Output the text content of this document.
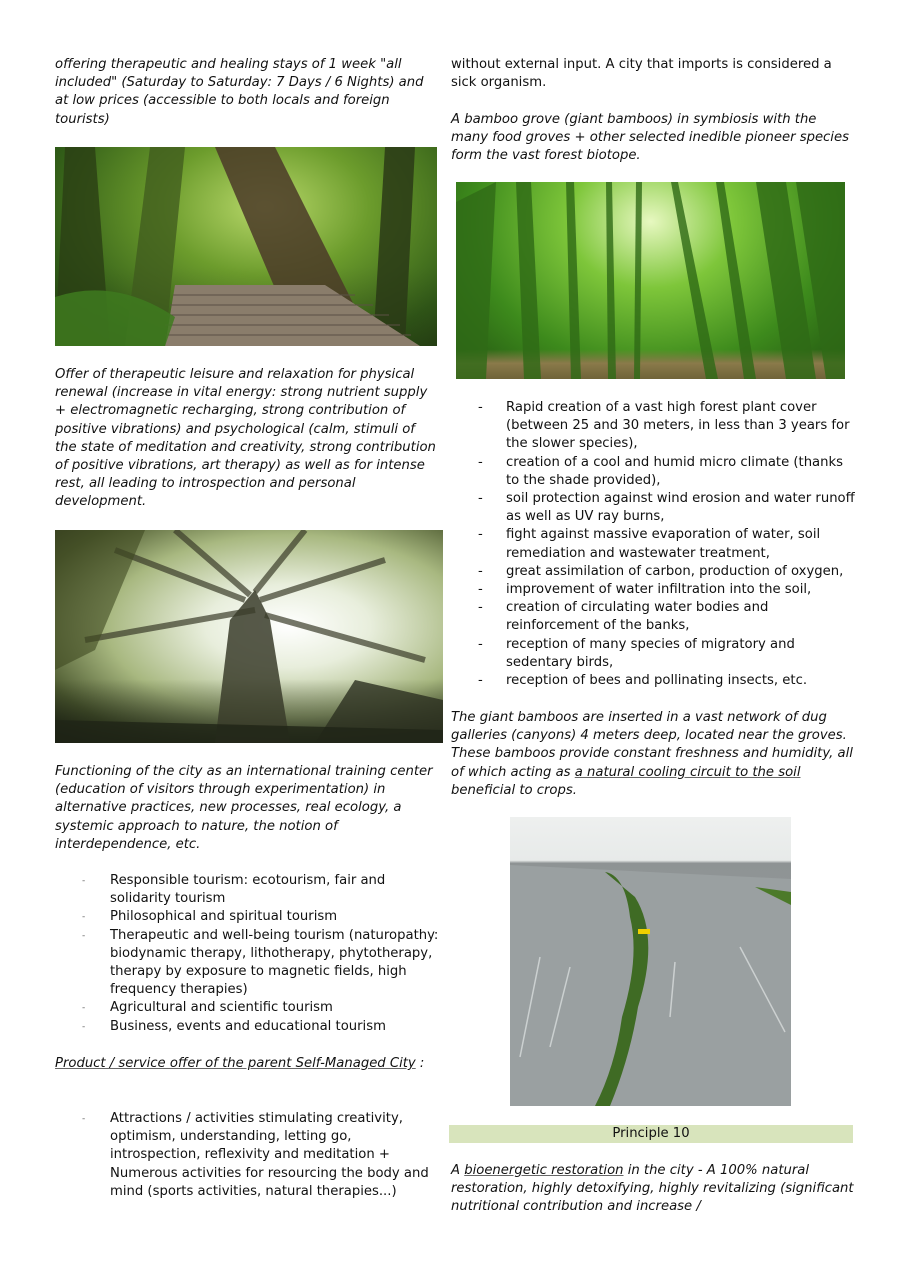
offering therapeutic and healing stays of 1 week "all included" (Saturday to Saturday: 7 Days / 6 Nights) and at low prices (accessible to both locals and foreign tourists)

Offer of therapeutic leisure and relaxation for physical renewal (increase in vital energy: strong nutrient supply + electromagnetic recharging, strong contribution of positive vibrations) and psychological (calm, stimuli of the state of meditation and creativity, strong contribution of positive vibrations, art therapy) as well as for intense rest, all leading to introspection and personal development.

Functioning of the city as an international training center (education of visitors through experimentation) in alternative practices, new processes, real ecology, a systemic approach to nature, the notion of interdependence, etc.

- Responsible tourism: ecotourism, fair and solidarity tourism
- Philosophical and spiritual tourism
- Therapeutic and well-being tourism (naturopathy: biodynamic therapy, lithotherapy, phytotherapy, therapy by exposure to magnetic fields, high frequency therapies)
- Agricultural and scientific tourism
- Business, events and educational tourism

Product / service offer of the parent Self-Managed City :

- Attractions / activities stimulating creativity, optimism, understanding, letting go, introspection, reflexivity and meditation + Numerous activities for resourcing the body and mind (sports activities, natural therapies...)

without external input. A city that imports is considered a sick organism.

A bamboo grove (giant bamboos) in symbiosis with the many food groves + other selected inedible pioneer species form the vast forest biotope.

- Rapid creation of a vast high forest plant cover (between 25 and 30 meters, in less than 3 years for the slower species),
- creation of a cool and humid micro climate (thanks to the shade provided),
- soil protection against wind erosion and water runoff as well as UV ray burns,
- fight against massive evaporation of water, soil remediation and wastewater treatment,
- great assimilation of carbon, production of oxygen,
- improvement of water infiltration into the soil,
- creation of circulating water bodies and reinforcement of the banks,
- reception of many species of migratory and sedentary birds,
- reception of bees and pollinating insects, etc.

The giant bamboos are inserted in a vast network of dug galleries (canyons) 4 meters deep, located near the groves. These bamboos provide constant freshness and humidity, all of which acting as a natural cooling circuit to the soil beneficial to crops.

Principle 10

A bioenergetic restoration in the city - A 100% natural restoration, highly detoxifying, highly revitalizing (significant nutritional contribution and increase /
